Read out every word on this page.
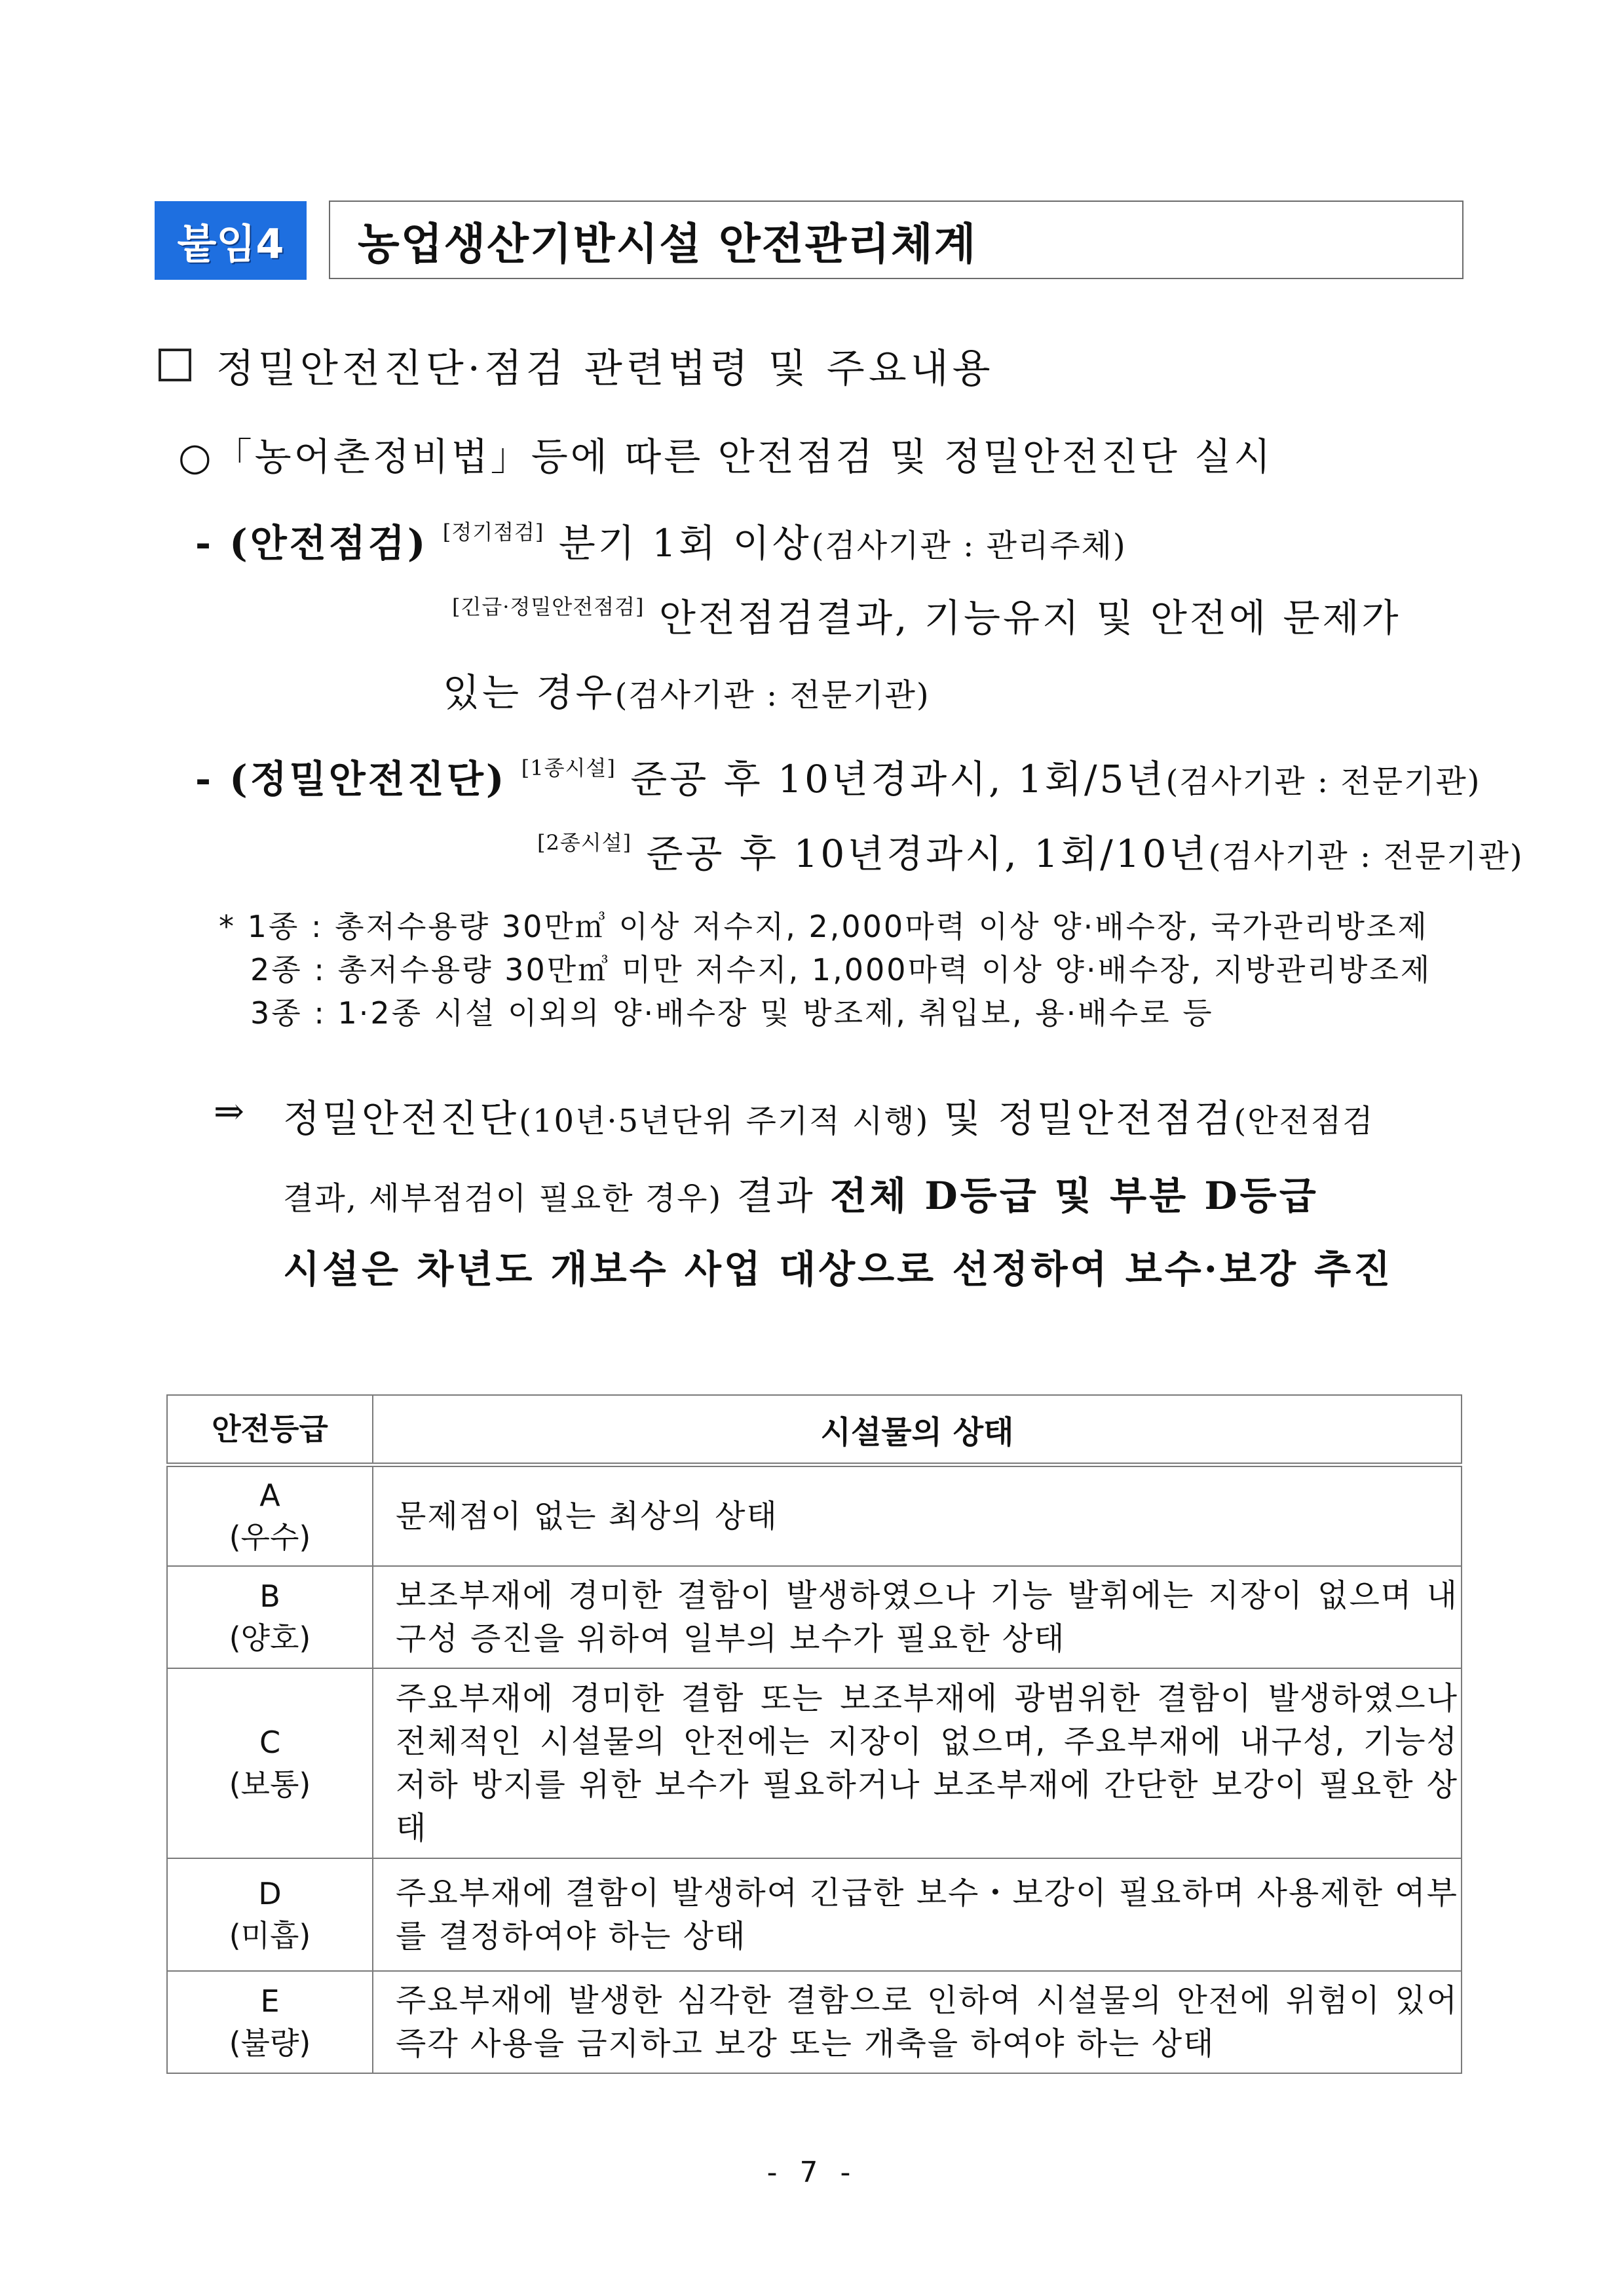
붙임4	농업생산기반시설 안전관리체계
정밀안전진단·점검 관련법령 및 주요내용
○「농어촌정비법」등에 따른 안전점검 및 정밀안전진단 실시
- (안전점검) [정기점검] 분기 1회 이상(검사기관 : 관리주체)
[긴급·정밀안전점검] 안전점검결과, 기능유지 및 안전에 문제가
있는 경우(검사기관 : 전문기관)
- (정밀안전진단) [1종시설] 준공 후 10년경과시, 1회/5년(검사기관 : 전문기관)
[2종시설] 준공 후 10년경과시, 1회/10년(검사기관 : 전문기관)
* 1종 : 총저수용량 30만㎥ 이상 저수지, 2,000마력 이상 양·배수장, 국가관리방조제
2종 : 총저수용량 30만㎥ 미만 저수지, 1,000마력 이상 양·배수장, 지방관리방조제
3종 : 1·2종 시설 이외의 양·배수장 및 방조제, 취입보, 용·배수로 등
⇒ 정밀안전진단(10년·5년단위 주기적 시행) 및 정밀안전점검(안전점검
결과, 세부점검이 필요한 경우) 결과 전체 D등급 및 부분 D등급
시설은 차년도 개보수 사업 대상으로 선정하여 보수·보강 추진
안전등급	시설물의 상태

A
(우수)	문제점이 없는 최상의 상태

B
(양호)	보조부재에 경미한 결함이 발생하였으나 기능 발휘에는 지장이 없으며 내구성 증진을 위하여 일부의 보수가 필요한 상태

C
(보통)	주요부재에 경미한 결함 또는 보조부재에 광범위한 결함이 발생하였으나 전체적인 시설물의 안전에는 지장이 없으며, 주요부재에 내구성, 기능성 저하 방지를 위한 보수가 필요하거나 보조부재에 간단한 보강이 필요한 상태

D
(미흡)	주요부재에 결함이 발생하여 긴급한 보수・보강이 필요하며 사용제한 여부를 결정하여야 하는 상태

E
(불량)	주요부재에 발생한 심각한 결함으로 인하여 시설물의 안전에 위험이 있어 즉각 사용을 금지하고 보강 또는 개축을 하여야 하는 상태
- 7 -
